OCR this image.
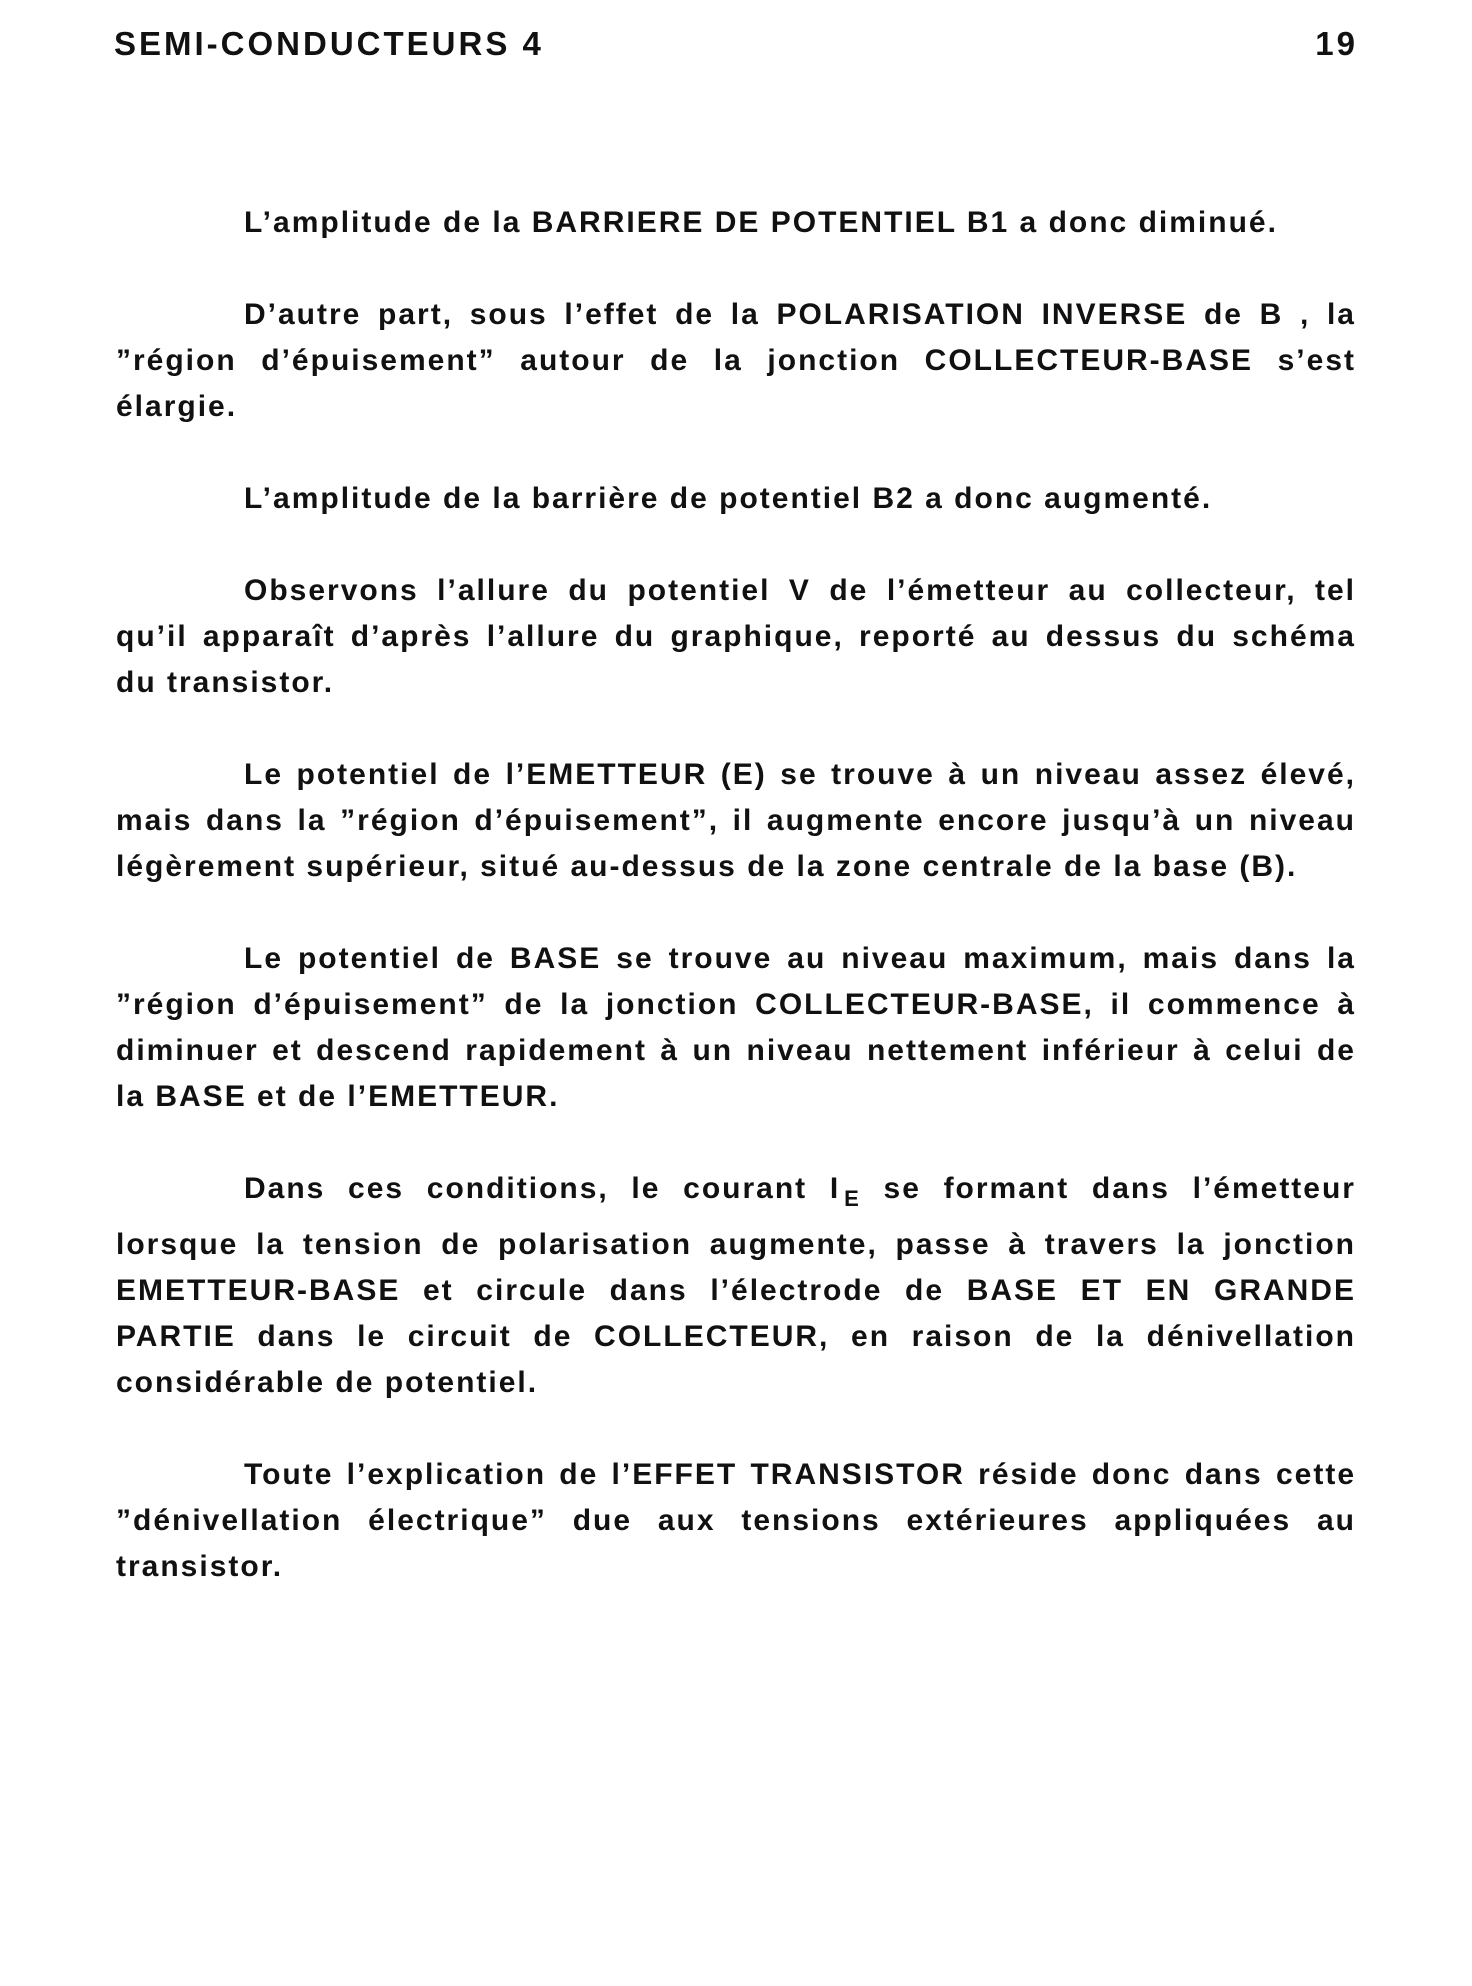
SEMI-CONDUCTEURS 4	19

L’amplitude de la BARRIERE DE POTENTIEL B1 a donc diminué.

D’autre part, sous l’effet de la POLARISATION INVERSE de B , la ”région d’épuisement” autour de la jonction COLLECTEUR-BASE s’est élargie.

L’amplitude de la barrière de potentiel B2 a donc augmenté.

Observons l’allure du potentiel V de l’émetteur au collecteur, tel qu’il apparaît d’après l’allure du graphique, reporté au dessus du schéma du transistor.

Le potentiel de l’EMETTEUR (E) se trouve à un niveau assez élevé, mais dans la ”région d’épuisement”, il augmente encore jusqu’à un niveau légèrement supérieur, situé au-dessus de la zone centrale de la base (B).

Le potentiel de BASE se trouve au niveau maximum, mais dans la ”région d’épuisement” de la jonction COLLECTEUR-BASE, il commence à diminuer et descend rapidement à un niveau nettement inférieur à celui de la BASE et de l’EMETTEUR.

Dans ces conditions, le courant I $_E$ se formant dans l’émetteur lorsque la tension de polarisation augmente, passe à travers la jonction EMETTEUR-BASE et circule dans l’électrode de BASE ET EN GRANDE PARTIE dans le circuit de COLLECTEUR, en raison de la dénivellation considérable de potentiel.

Toute l’explication de l’EFFET TRANSISTOR réside donc dans cette ”dénivellation électrique” due aux tensions extérieures appliquées au transistor.
